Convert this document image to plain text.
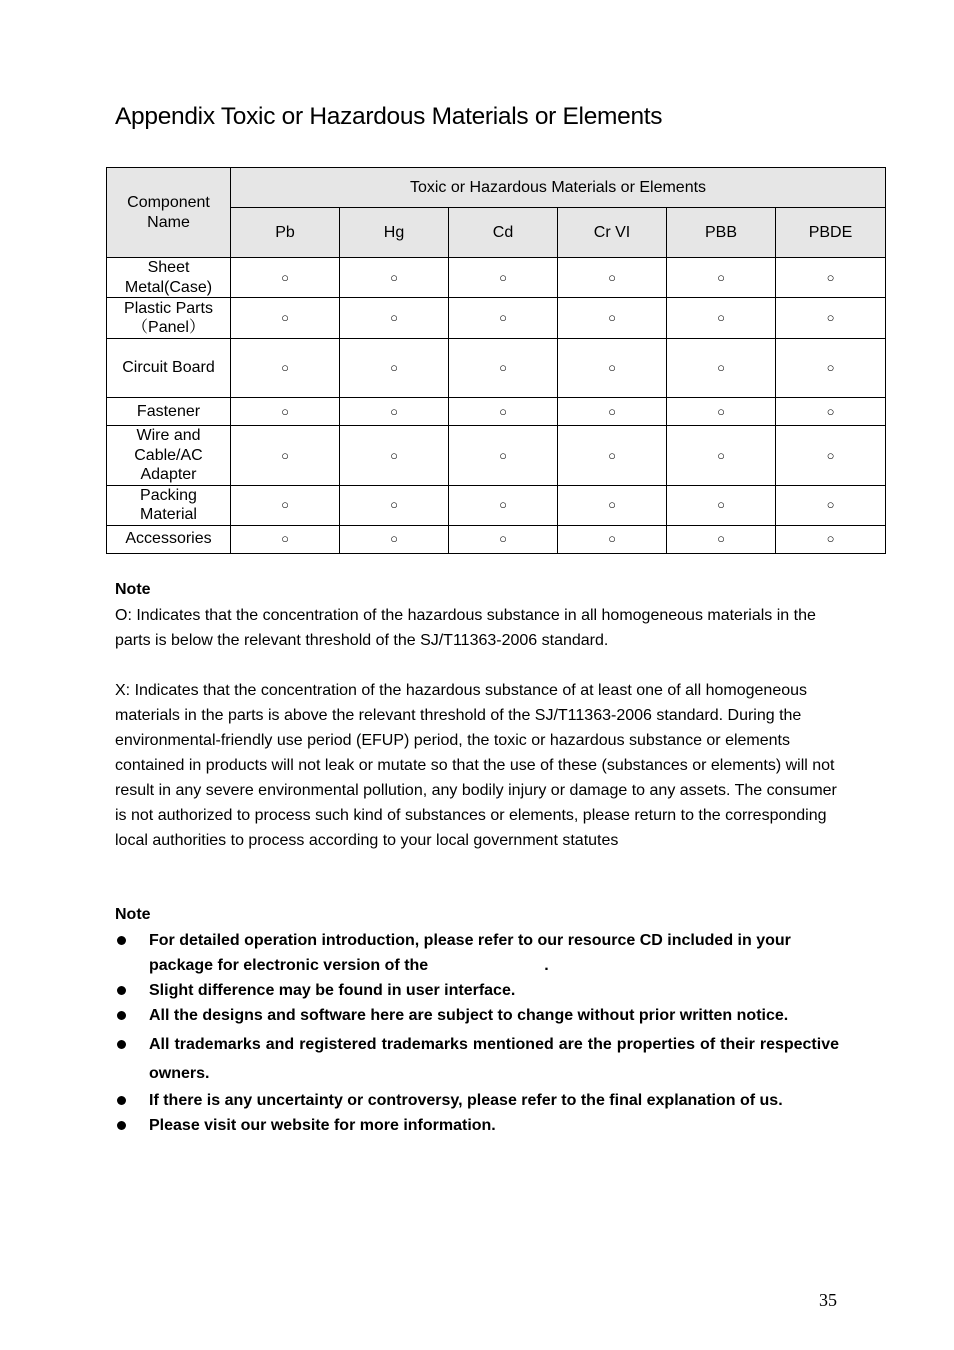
Appendix Toxic or Hazardous Materials or Elements
Component Name	Toxic or Hazardous Materials or Elements					
	Pb	Hg	Cd	Cr VI	PBB	PBDE
Sheet Metal(Case)	○	○	○	○	○	○
Plastic Parts （Panel）	○	○	○	○	○	○
Circuit Board	○	○	○	○	○	○
Fastener	○	○	○	○	○	○
Wire and Cable/AC Adapter	○	○	○	○	○	○
Packing Material	○	○	○	○	○	○
Accessories	○	○	○	○	○	○
Note
O: Indicates that the concentration of the hazardous substance in all homogeneous materials in the parts is below the relevant threshold of the SJ/T11363-2006 standard.
X: Indicates that the concentration of the hazardous substance of at least one of all homogeneous materials in the parts is above the relevant threshold of the SJ/T11363-2006 standard. During the environmental-friendly use period (EFUP) period, the toxic or hazardous substance or elements contained in products will not leak or mutate so that the use of these (substances or elements) will not result in any severe environmental pollution, any bodily injury or damage to any assets. The consumer is not authorized to process such kind of substances or elements, please return to the corresponding local authorities to process according to your local government statutes
Note
For detailed operation introduction, please refer to our resource CD included in your package for electronic version of the	.
Slight difference may be found in user interface.
All the designs and software here are subject to change without prior written notice.
All trademarks and registered trademarks mentioned are the properties of their respective owners.
If there is any uncertainty or controversy, please refer to the final explanation of us.
Please visit our website for more information.
35
